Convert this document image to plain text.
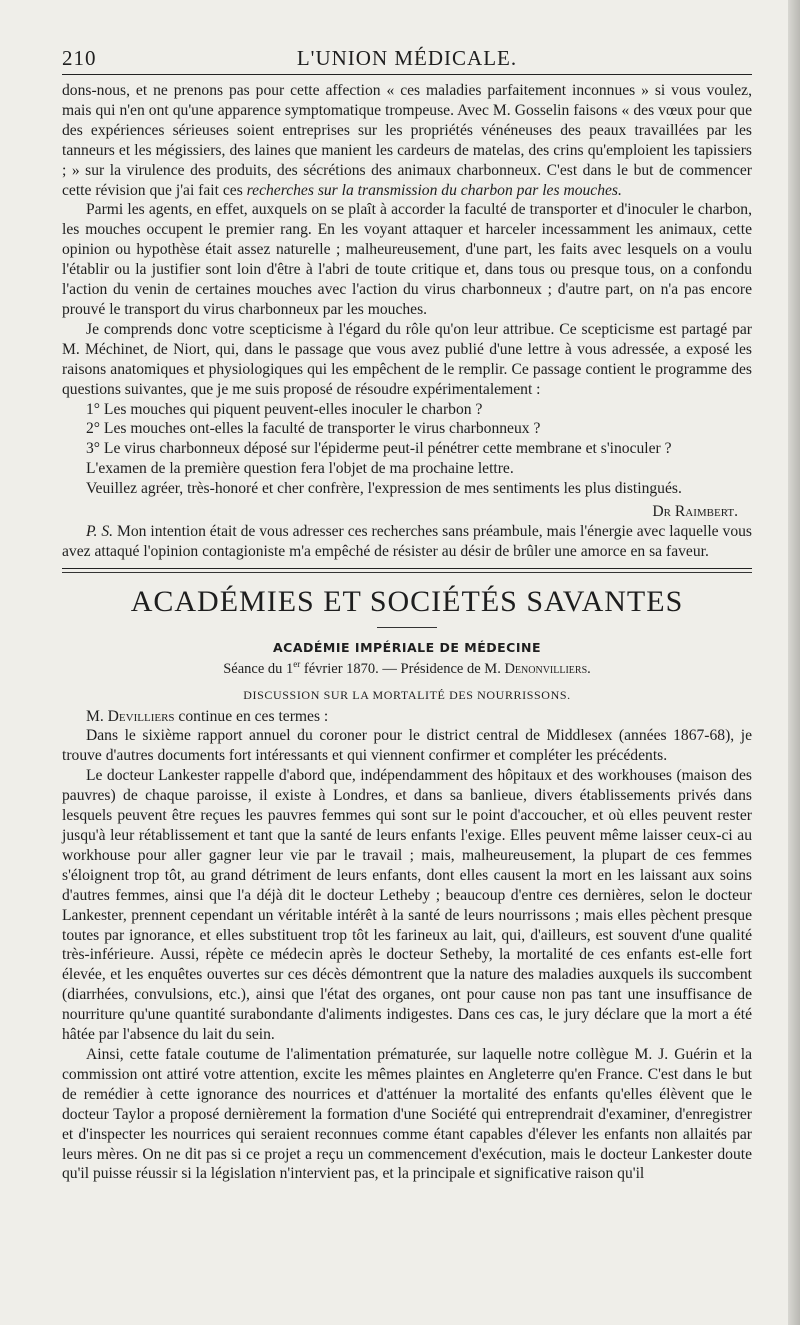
210	L'UNION MÉDICALE.

dons-nous, et ne prenons pas pour cette affection « ces maladies parfaitement inconnues » si vous voulez, mais qui n'en ont qu'une apparence symptomatique trompeuse. Avec M. Gosselin faisons « des vœux pour que des expériences sérieuses soient entreprises sur les propriétés vénéneuses des peaux travaillées par les tanneurs et les mégissiers, des laines que manient les cardeurs de matelas, des crins qu'emploient les tapissiers ; » sur la virulence des produits, des sécrétions des animaux charbonneux. C'est dans le but de commencer cette révision que j'ai fait ces recherches sur la transmission du charbon par les mouches.

Parmi les agents, en effet, auxquels on se plaît à accorder la faculté de transporter et d'inoculer le charbon, les mouches occupent le premier rang. En les voyant attaquer et harceler incessamment les animaux, cette opinion ou hypothèse était assez naturelle ; malheureusement, d'une part, les faits avec lesquels on a voulu l'établir ou la justifier sont loin d'être à l'abri de toute critique et, dans tous ou presque tous, on a confondu l'action du venin de certaines mouches avec l'action du virus charbonneux ; d'autre part, on n'a pas encore prouvé le transport du virus charbonneux par les mouches.

Je comprends donc votre scepticisme à l'égard du rôle qu'on leur attribue. Ce scepticisme est partagé par M. Méchinet, de Niort, qui, dans le passage que vous avez publié d'une lettre à vous adressée, a exposé les raisons anatomiques et physiologiques qui les empêchent de le remplir. Ce passage contient le programme des questions suivantes, que je me suis proposé de résoudre expérimentalement :

1° Les mouches qui piquent peuvent-elles inoculer le charbon ?

2° Les mouches ont-elles la faculté de transporter le virus charbonneux ?

3° Le virus charbonneux déposé sur l'épiderme peut-il pénétrer cette membrane et s'inoculer ?

L'examen de la première question fera l'objet de ma prochaine lettre.

Veuillez agréer, très-honoré et cher confrère, l'expression de mes sentiments les plus distingués.

Dr Raimbert.

P. S. Mon intention était de vous adresser ces recherches sans préambule, mais l'énergie avec laquelle vous avez attaqué l'opinion contagioniste m'a empêché de résister au désir de brûler une amorce en sa faveur.

ACADÉMIES ET SOCIÉTÉS SAVANTES
ACADÉMIE IMPÉRIALE DE MÉDECINE
Séance du 1er février 1870. — Présidence de M. Denonvilliers.
DISCUSSION SUR LA MORTALITÉ DES NOURRISSONS.

M. Devilliers continue en ces termes :

Dans le sixième rapport annuel du coroner pour le district central de Middlesex (années 1867-68), je trouve d'autres documents fort intéressants et qui viennent confirmer et compléter les précédents.

Le docteur Lankester rappelle d'abord que, indépendamment des hôpitaux et des workhouses (maison des pauvres) de chaque paroisse, il existe à Londres, et dans sa banlieue, divers établissements privés dans lesquels peuvent être reçues les pauvres femmes qui sont sur le point d'accoucher, et où elles peuvent rester jusqu'à leur rétablissement et tant que la santé de leurs enfants l'exige. Elles peuvent même laisser ceux-ci au workhouse pour aller gagner leur vie par le travail ; mais, malheureusement, la plupart de ces femmes s'éloignent trop tôt, au grand détriment de leurs enfants, dont elles causent la mort en les laissant aux soins d'autres femmes, ainsi que l'a déjà dit le docteur Letheby ; beaucoup d'entre ces dernières, selon le docteur Lankester, prennent cependant un véritable intérêt à la santé de leurs nourrissons ; mais elles pèchent presque toutes par ignorance, et elles substituent trop tôt les farineux au lait, qui, d'ailleurs, est souvent d'une qualité très-inférieure. Aussi, répète ce médecin après le docteur Setheby, la mortalité de ces enfants est-elle fort élevée, et les enquêtes ouvertes sur ces décès démontrent que la nature des maladies auxquels ils succombent (diarrhées, convulsions, etc.), ainsi que l'état des organes, ont pour cause non pas tant une insuffisance de nourriture qu'une quantité surabondante d'aliments indigestes. Dans ces cas, le jury déclare que la mort a été hâtée par l'absence du lait du sein.

Ainsi, cette fatale coutume de l'alimentation prématurée, sur laquelle notre collègue M. J. Guérin et la commission ont attiré votre attention, excite les mêmes plaintes en Angleterre qu'en France. C'est dans le but de remédier à cette ignorance des nourrices et d'atténuer la mortalité des enfants qu'elles élèvent que le docteur Taylor a proposé dernièrement la formation d'une Société qui entreprendrait d'examiner, d'enregistrer et d'inspecter les nourrices qui seraient reconnues comme étant capables d'élever les enfants non allaités par leurs mères. On ne dit pas si ce projet a reçu un commencement d'exécution, mais le docteur Lankester doute qu'il puisse réussir si la législation n'intervient pas, et la principale et significative raison qu'il
